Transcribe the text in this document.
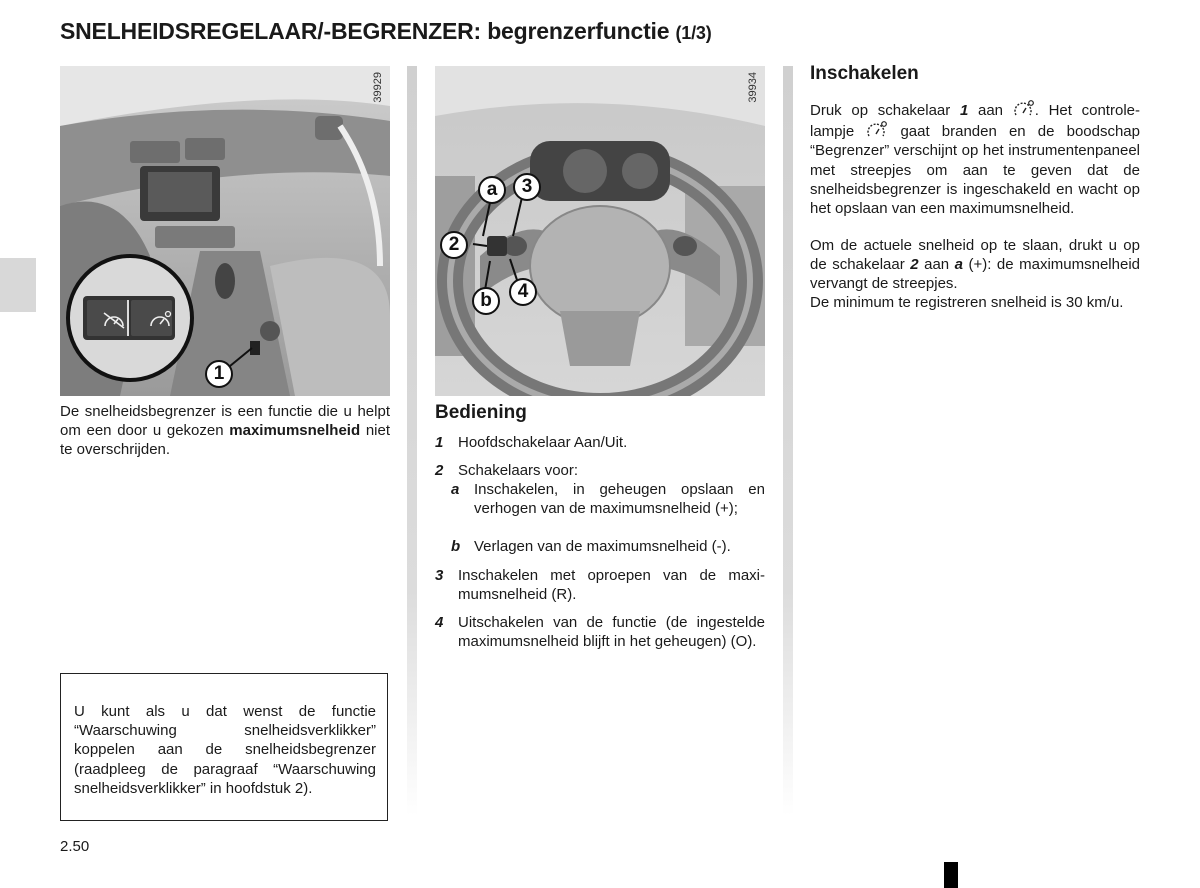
SNELHEIDSREGELAAR/-BEGRENZER: begrenzerfunctie (1/3)
39929
1
De snelheidsbegrenzer is een functie die u helpt om een door u gekozen maximumsnelheid niet te overschrijden.
U kunt als u dat wenst de functie “Waarschuwing snelheidsverklikker” koppelen aan de snelheidsbegrenzer (raadpleeg de paragraaf “Waarschuwing snelheidsverklikker” in hoofdstuk 2).
39934
a	3
2
4
b
Bediening
1 Hoofdschakelaar Aan/Uit.
2 Schakelaars voor:
a Inschakelen, in geheugen opslaan en verhogen van de maximumsnelheid (+);
b Verlagen van de maximumsnelheid (-).
3 Inschakelen met oproepen van de maximumsnelheid (R).
4 Uitschakelen van de functie (de ingestelde maximumsnelheid blijft in het geheugen) (O).
Inschakelen
Druk op schakelaar 1 aan . Het controlelampje  gaat branden en de boodschap “Begrenzer” verschijnt op het instrumentenpaneel met streepjes om aan te geven dat de snelheidsbegrenzer is ingeschakeld en wacht op het opslaan van een maximumsnelheid.
Om de actuele snelheid op te slaan, drukt u op de schakelaar 2 aan a (+): de maximumsnelheid vervangt de streepjes.
De minimum te registreren snelheid is 30 km/u.
2.50
